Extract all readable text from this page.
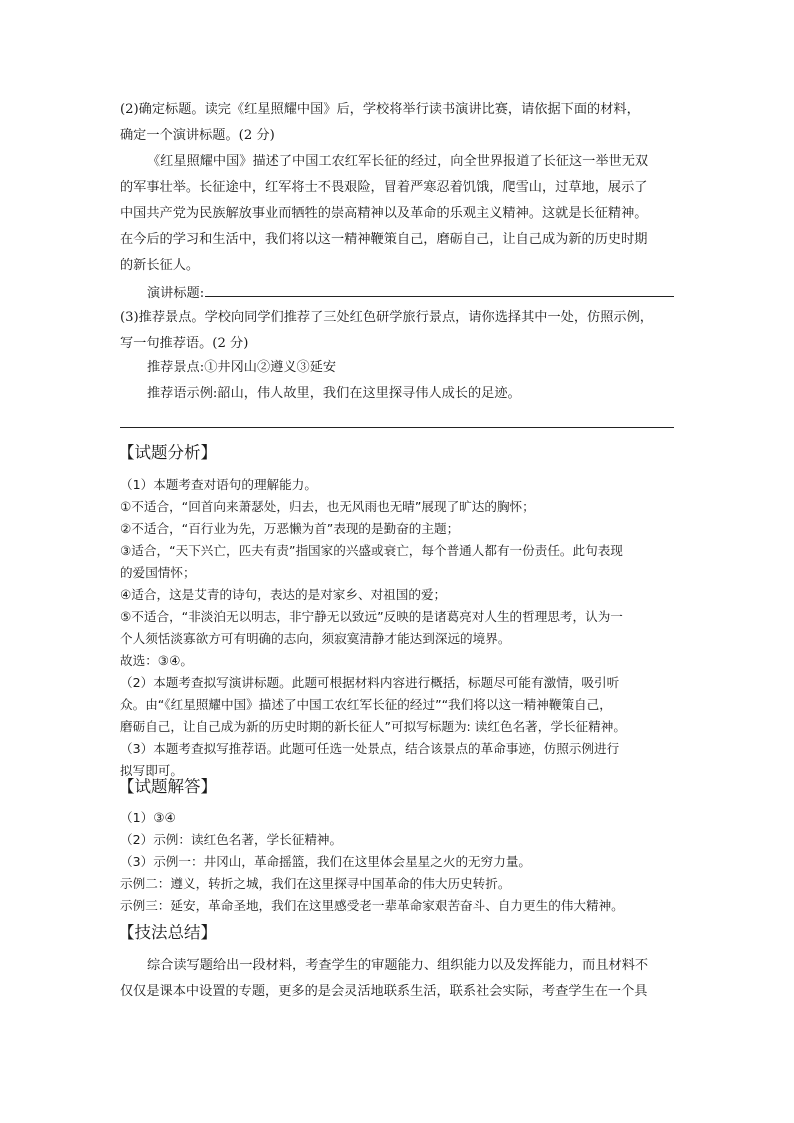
(2)确定标题。读完《红星照耀中国》后，学校将举行读书演讲比赛，请依据下面的材料，
确定一个演讲标题。(2 分)
《红星照耀中国》描述了中国工农红军长征的经过，向全世界报道了长征这一举世无双
的军事壮举。长征途中，红军将士不畏艰险，冒着严寒忍着饥饿，爬雪山，过草地，展示了
中国共产党为民族解放事业而牺牲的崇高精神以及革命的乐观主义精神。这就是长征精神。
在今后的学习和生活中，我们将以这一精神鞭策自己，磨砺自己，让自己成为新的历史时期
的新长征人。
演讲标题:
(3)推荐景点。学校向同学们推荐了三处红色研学旅行景点，请你选择其中一处，仿照示例，
写一句推荐语。(2 分)
推荐景点:①井冈山②遵义③延安
推荐语示例:韶山，伟人故里，我们在这里探寻伟人成长的足迹。
【试题分析】
（1）本题考查对语句的理解能力。
①不适合，“回首向来萧瑟处，归去，也无风雨也无晴”展现了旷达的胸怀；
②不适合，“百行业为先，万恶懒为首”表现的是勤奋的主题；
③适合，“天下兴亡，匹夫有责”指国家的兴盛或衰亡，每个普通人都有一份责任。此句表现
的爱国情怀；
④适合，这是艾青的诗句，表达的是对家乡、对祖国的爱；
⑤不适合，“非淡泊无以明志，非宁静无以致远”反映的是诸葛亮对人生的哲理思考，认为一
个人须恬淡寡欲方可有明确的志向，须寂寞清静才能达到深远的境界。
故选：③④。
（2）本题考查拟写演讲标题。此题可根据材料内容进行概括，标题尽可能有激情，吸引听
众。由“《红星照耀中国》描述了中国工农红军长征的经过”“我们将以这一精神鞭策自己，
磨砺自己，让自己成为新的历史时期的新长征人”可拟写标题为: 读红色名著，学长征精神。
（3）本题考查拟写推荐语。此题可任选一处景点，结合该景点的革命事迹，仿照示例进行
拟写即可。
【试题解答】
（1）③④
（2）示例：读红色名著，学长征精神。
（3）示例一：井冈山，革命摇篮，我们在这里体会星星之火的无穷力量。
示例二：遵义，转折之城，我们在这里探寻中国革命的伟大历史转折。
示例三：延安，革命圣地，我们在这里感受老一辈革命家艰苦奋斗、自力更生的伟大精神。
【技法总结】
综合读写题给出一段材料，考查学生的审题能力、组织能力以及发挥能力，而且材料不
仅仅是课本中设置的专题，更多的是会灵活地联系生活，联系社会实际，考查学生在一个具
